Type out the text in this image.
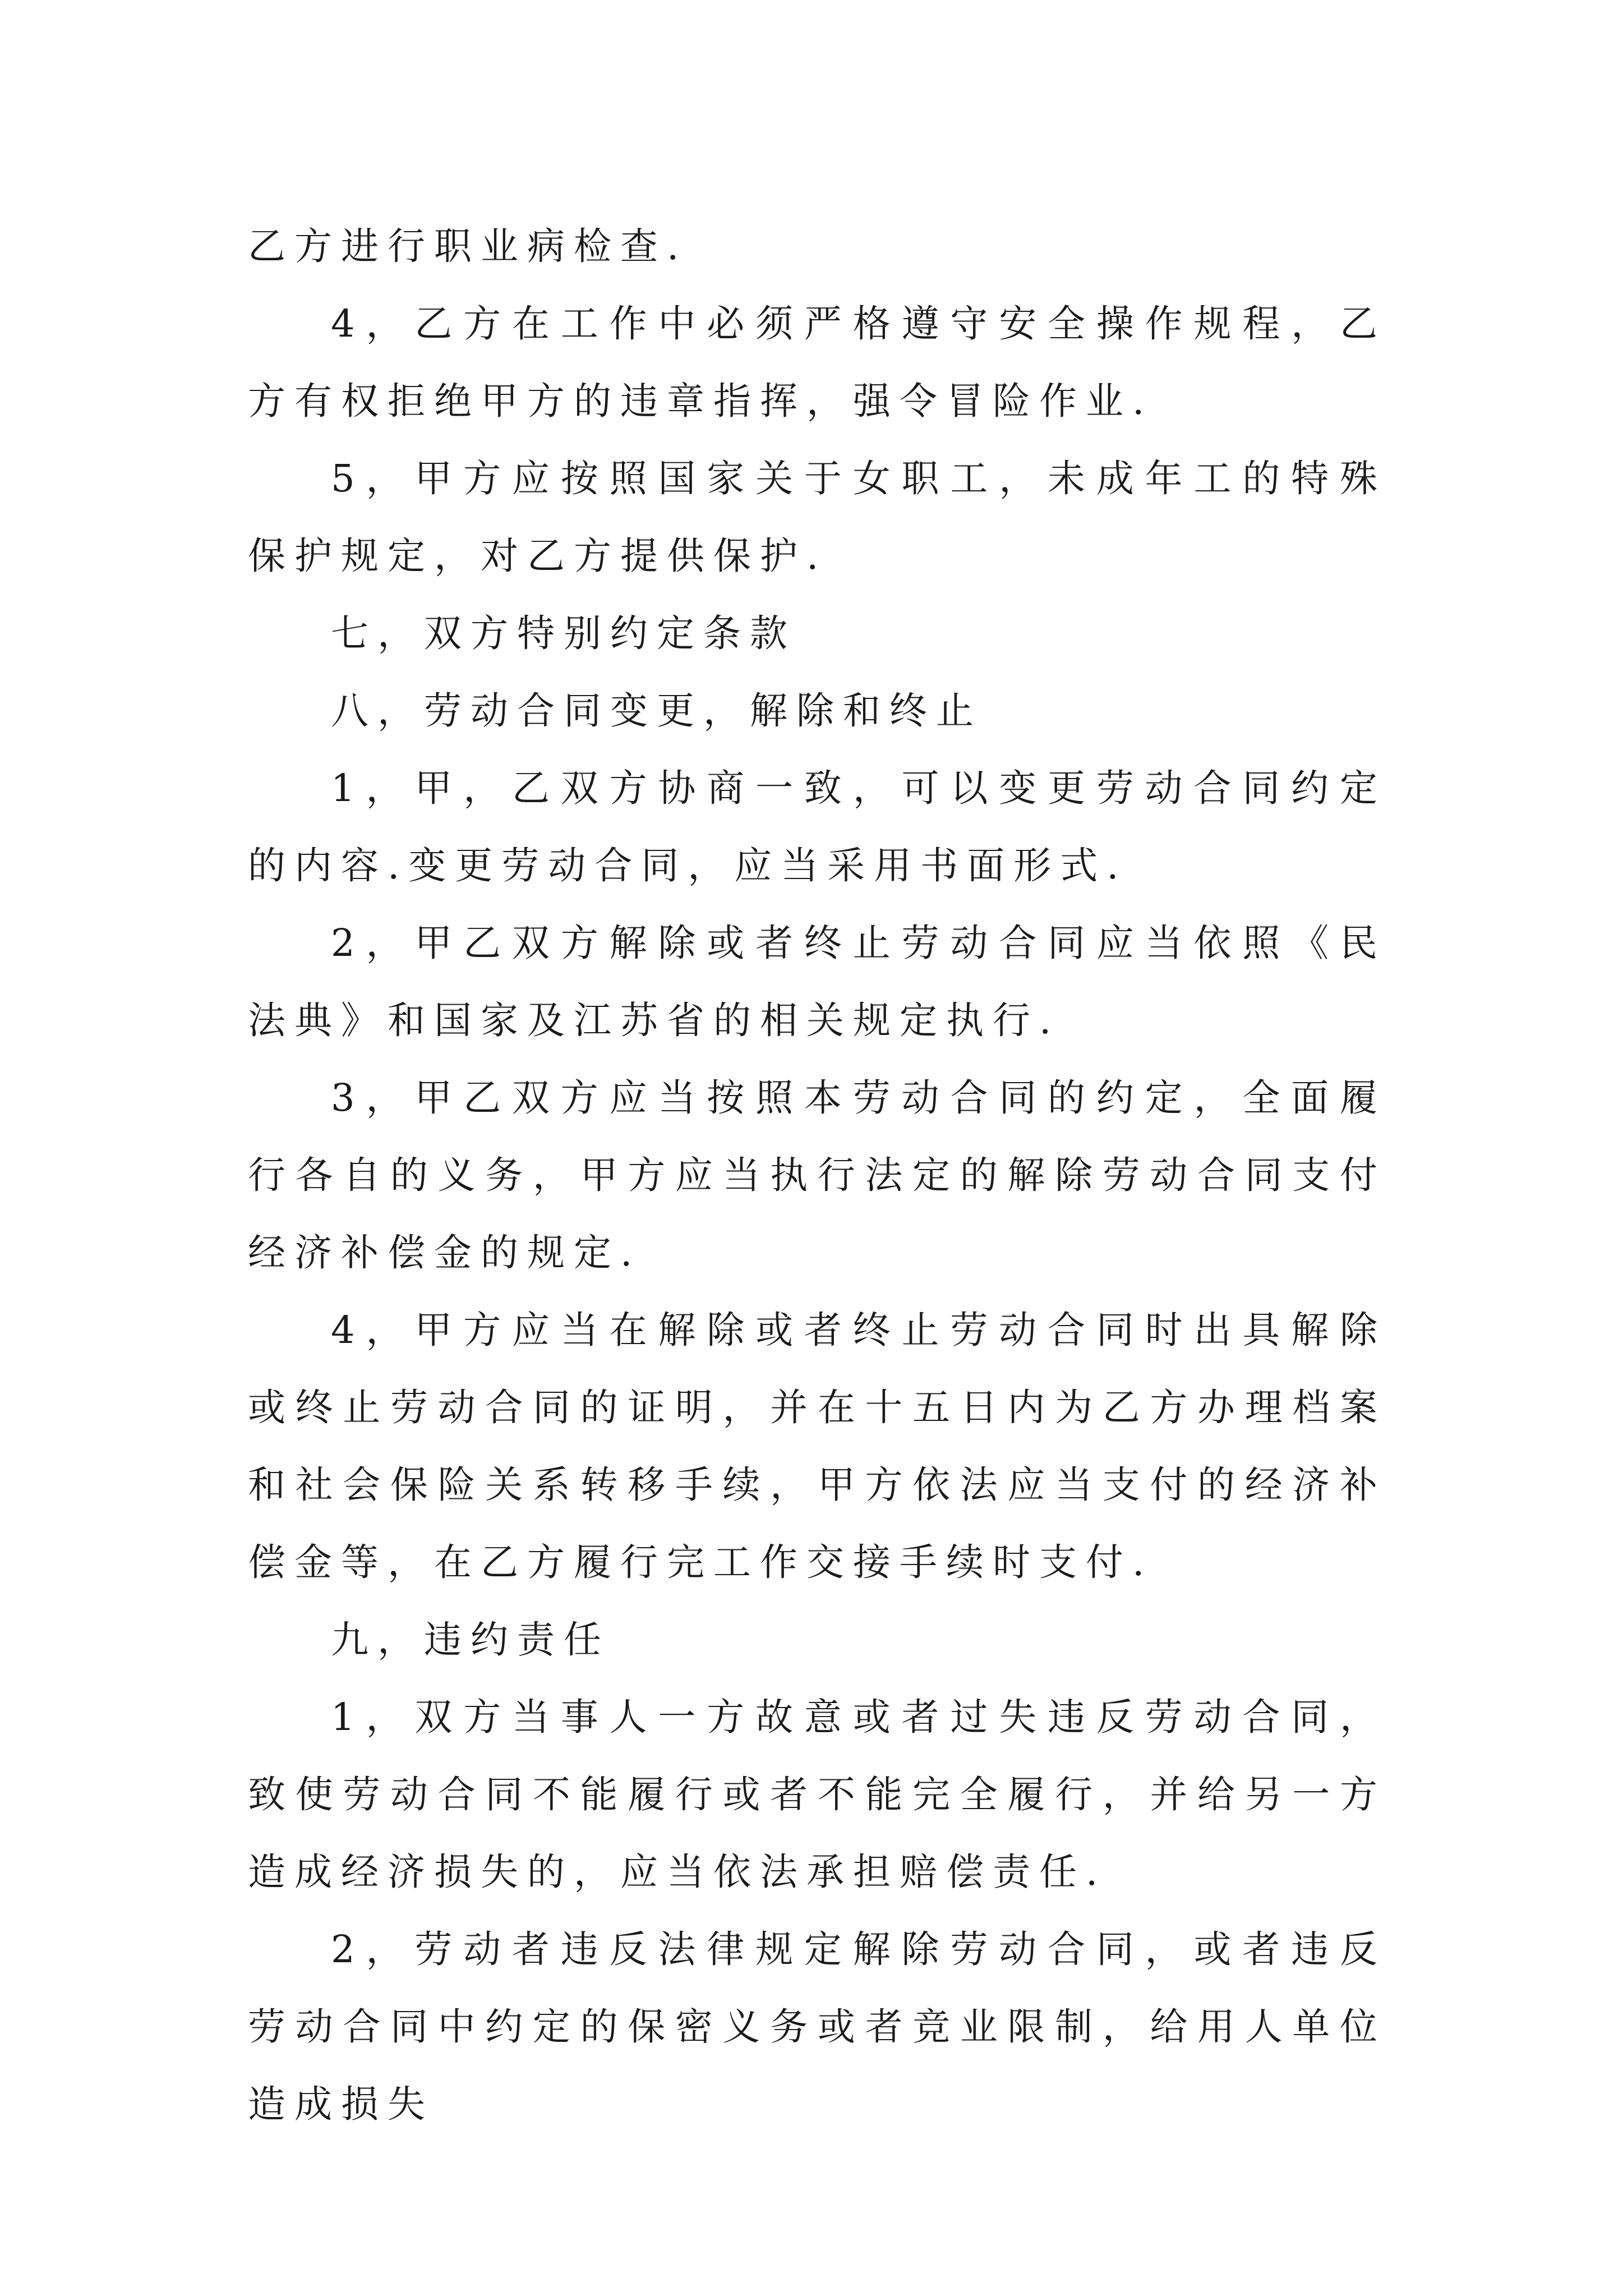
乙方进行职业病检查.

4，乙方在工作中必须严格遵守安全操作规程，乙方有权拒绝甲方的违章指挥，强令冒险作业.

5，甲方应按照国家关于女职工，未成年工的特殊保护规定，对乙方提供保护.

七，双方特别约定条款

八，劳动合同变更，解除和终止

1，甲，乙双方协商一致，可以变更劳动合同约定的内容.变更劳动合同，应当采用书面形式.

2，甲乙双方解除或者终止劳动合同应当依照《民法典》和国家及江苏省的相关规定执行.

3，甲乙双方应当按照本劳动合同的约定，全面履行各自的义务，甲方应当执行法定的解除劳动合同支付经济补偿金的规定.

4，甲方应当在解除或者终止劳动合同时出具解除或终止劳动合同的证明，并在十五日内为乙方办理档案和社会保险关系转移手续，甲方依法应当支付的经济补偿金等，在乙方履行完工作交接手续时支付.

九，违约责任

1，双方当事人一方故意或者过失违反劳动合同，致使劳动合同不能履行或者不能完全履行，并给另一方造成经济损失的，应当依法承担赔偿责任.

2，劳动者违反法律规定解除劳动合同，或者违反劳动合同中约定的保密义务或者竞业限制，给用人单位造成损失
